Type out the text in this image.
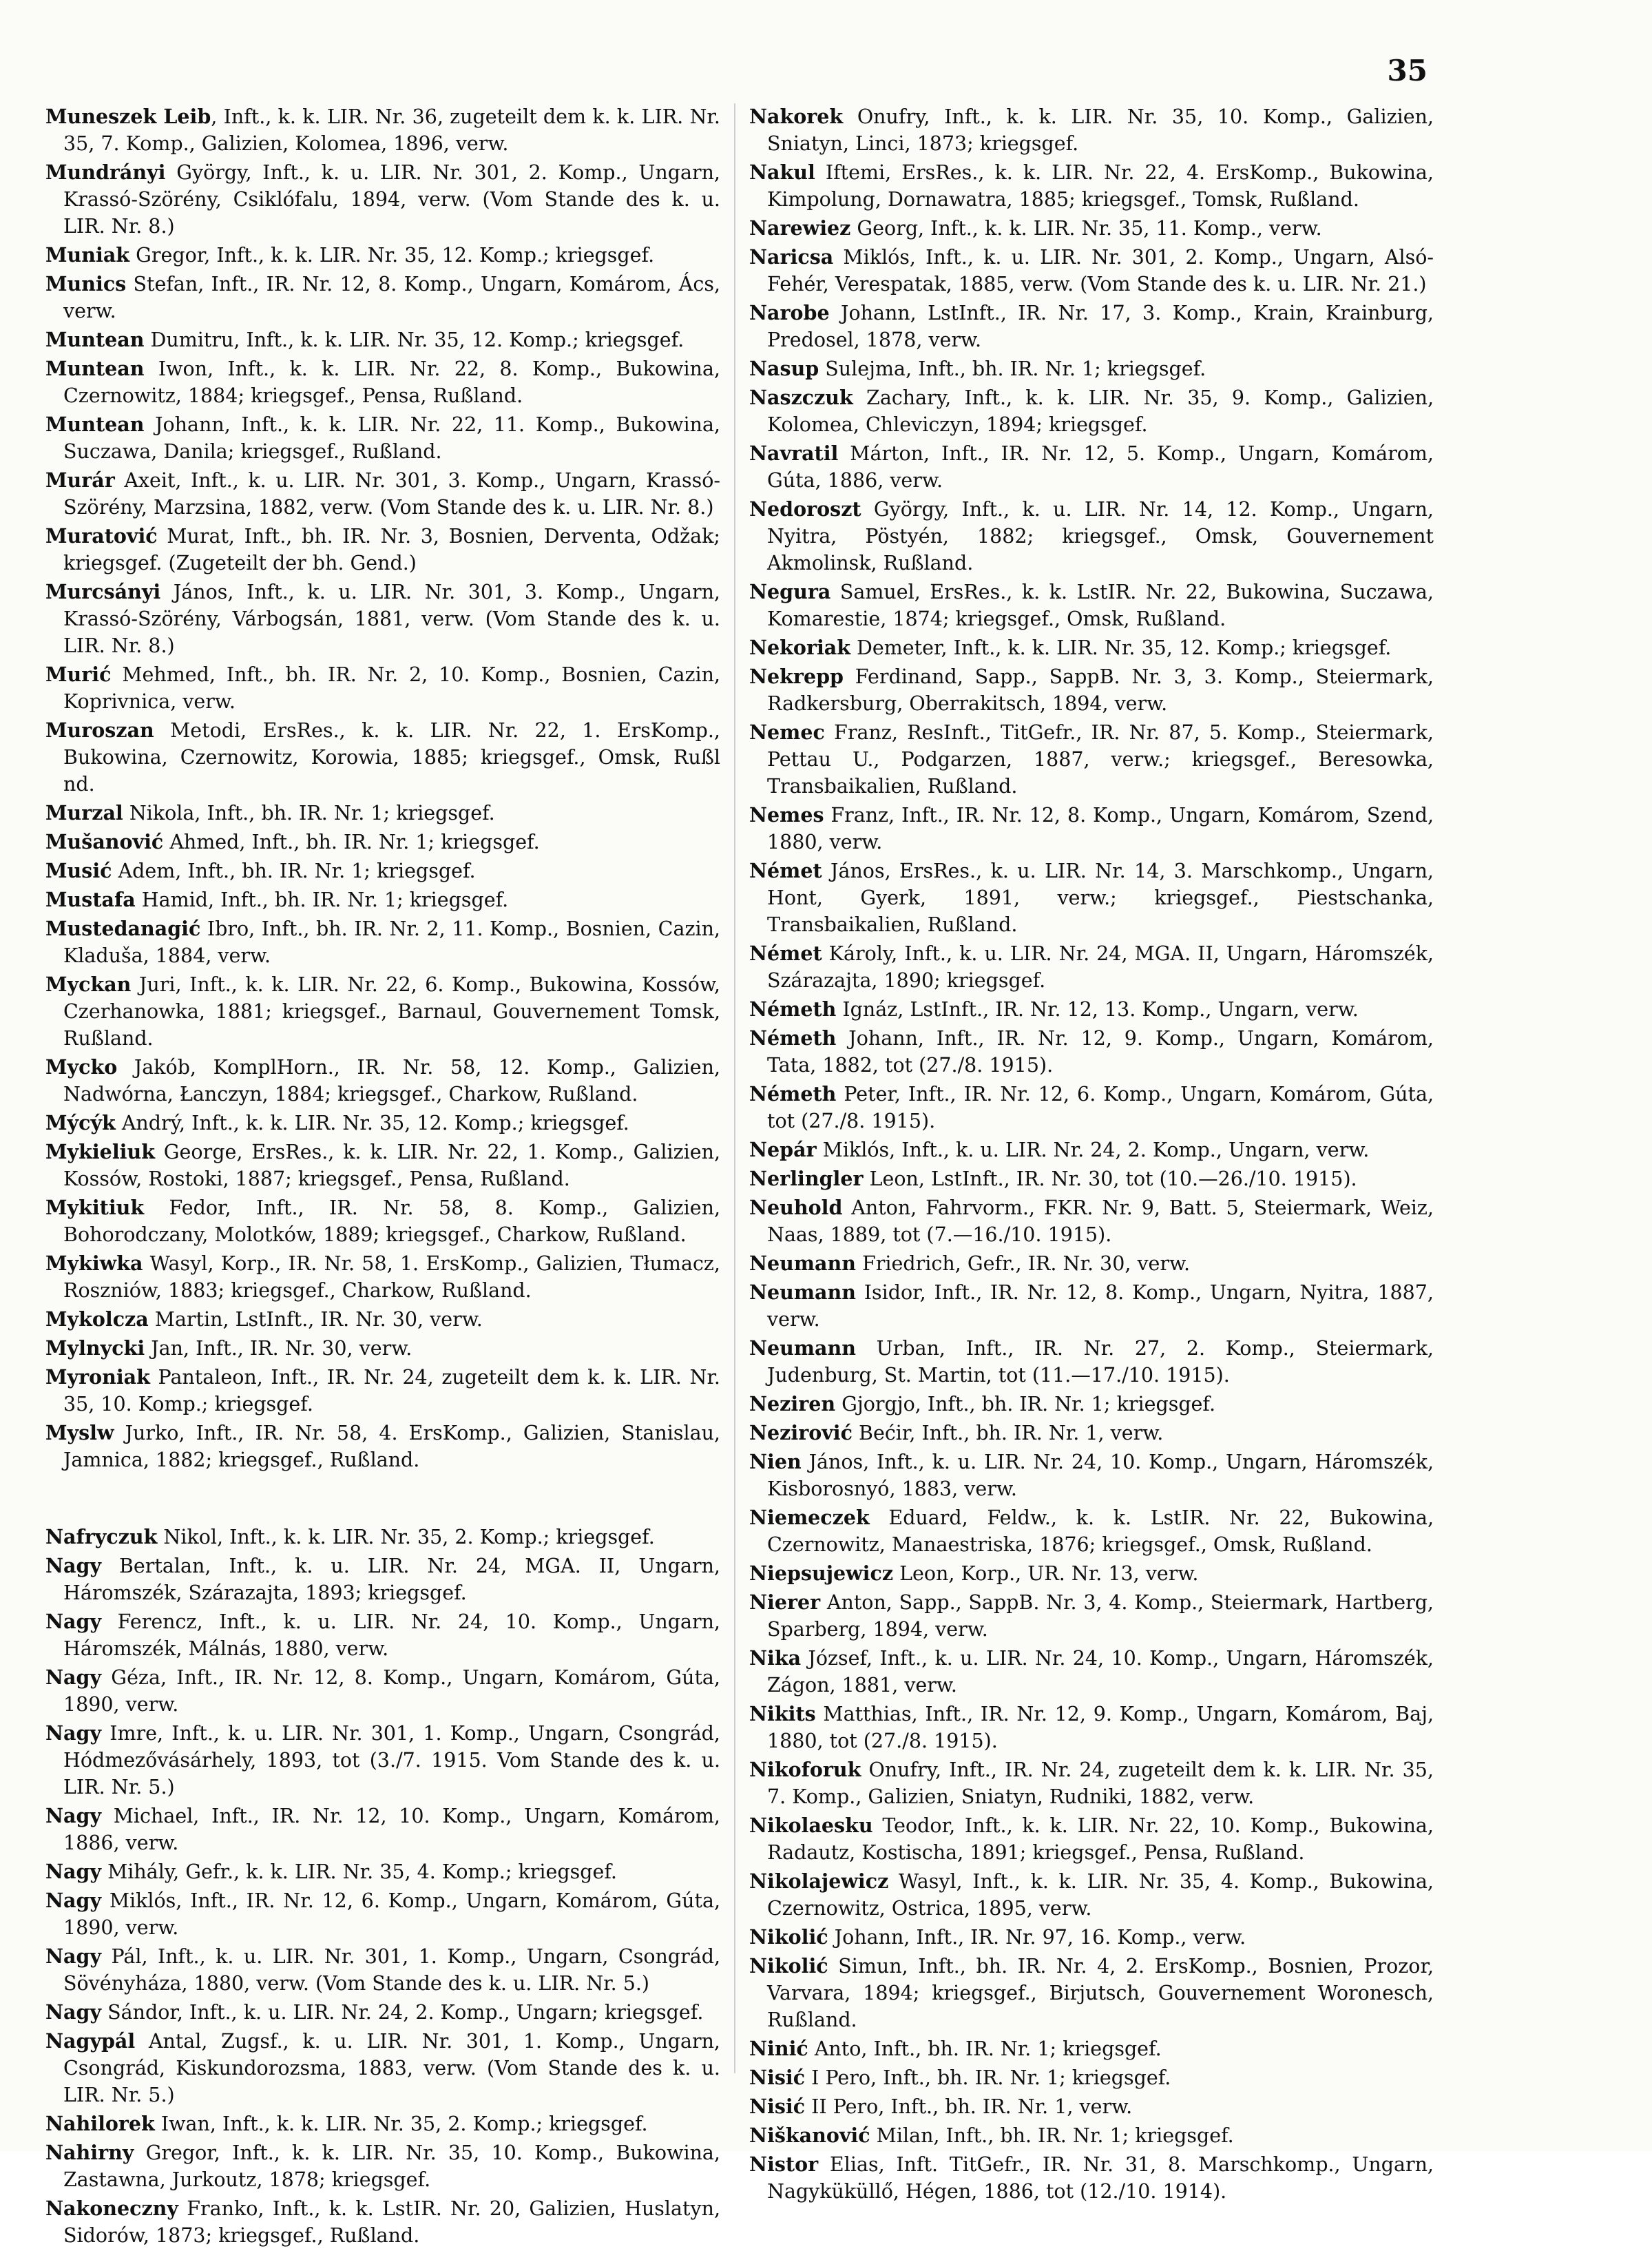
35

Muneszek Leib, Inft., k. k. LIR. Nr. 36, zugeteilt dem k. k. LIR. Nr. 35, 7. Komp., Galizien, Kolomea, 1896, verw.

Mundrányi György, Inft., k. u. LIR. Nr. 301, 2. Komp., Ungarn, Krassó-Szörény, Csiklófalu, 1894, verw. (Vom Stande des k. u. LIR. Nr. 8.)

Muniak Gregor, Inft., k. k. LIR. Nr. 35, 12. Komp.; kriegsgef.

Munics Stefan, Inft., IR. Nr. 12, 8. Komp., Ungarn, Komárom, Ács, verw.

Muntean Dumitru, Inft., k. k. LIR. Nr. 35, 12. Komp.; kriegsgef.

Muntean Iwon, Inft., k. k. LIR. Nr. 22, 8. Komp., Bukowina, Czernowitz, 1884; kriegsgef., Pensa, Rußland.

Muntean Johann, Inft., k. k. LIR. Nr. 22, 11. Komp., Bukowina, Suczawa, Danila; kriegsgef., Rußland.

Murár Axeit, Inft., k. u. LIR. Nr. 301, 3. Komp., Ungarn, Krassó-Szörény, Marzsina, 1882, verw. (Vom Stande des k. u. LIR. Nr. 8.)

Muratović Murat, Inft., bh. IR. Nr. 3, Bosnien, Derventa, Odžak; kriegsgef. (Zugeteilt der bh. Gend.)

Murcsányi János, Inft., k. u. LIR. Nr. 301, 3. Komp., Ungarn, Krassó-Szörény, Várbogsán, 1881, verw. (Vom Stande des k. u. LIR. Nr. 8.)

Murić Mehmed, Inft., bh. IR. Nr. 2, 10. Komp., Bosnien, Cazin, Koprivnica, verw.

Muroszan Metodi, ErsRes., k. k. LIR. Nr. 22, 1. ErsKomp., Bukowina, Czernowitz, Korowia, 1885; kriegsgef., Omsk, Rußl nd.

Murzal Nikola, Inft., bh. IR. Nr. 1; kriegsgef.

Mušanović Ahmed, Inft., bh. IR. Nr. 1; kriegsgef.

Musić Adem, Inft., bh. IR. Nr. 1; kriegsgef.

Mustafa Hamid, Inft., bh. IR. Nr. 1; kriegsgef.

Mustedanagić Ibro, Inft., bh. IR. Nr. 2, 11. Komp., Bosnien, Cazin, Kladuša, 1884, verw.

Myckan Juri, Inft., k. k. LIR. Nr. 22, 6. Komp., Bukowina, Kossów, Czerhanowka, 1881; kriegsgef., Barnaul, Gouvernement Tomsk, Rußland.

Mycko Jakób, KomplHorn., IR. Nr. 58, 12. Komp., Galizien, Nadwórna, Łanczyn, 1884; kriegsgef., Charkow, Rußland.

Mýcýk Andrý, Inft., k. k. LIR. Nr. 35, 12. Komp.; kriegsgef.

Mykieliuk George, ErsRes., k. k. LIR. Nr. 22, 1. Komp., Galizien, Kossów, Rostoki, 1887; kriegsgef., Pensa, Rußland.

Mykitiuk Fedor, Inft., IR. Nr. 58, 8. Komp., Galizien, Bohorodczany, Molotków, 1889; kriegsgef., Charkow, Rußland.

Mykiwka Wasyl, Korp., IR. Nr. 58, 1. ErsKomp., Galizien, Tłumacz, Roszniów, 1883; kriegsgef., Charkow, Rußland.

Mykolcza Martin, LstInft., IR. Nr. 30, verw.

Mylnycki Jan, Inft., IR. Nr. 30, verw.

Myroniak Pantaleon, Inft., IR. Nr. 24, zugeteilt dem k. k. LIR. Nr. 35, 10. Komp.; kriegsgef.

Myslw Jurko, Inft., IR. Nr. 58, 4. ErsKomp., Galizien, Stanislau, Jamnica, 1882; kriegsgef., Rußland.

Nafryczuk Nikol, Inft., k. k. LIR. Nr. 35, 2. Komp.; kriegsgef.

Nagy Bertalan, Inft., k. u. LIR. Nr. 24, MGA. II, Ungarn, Háromszék, Szárazajta, 1893; kriegsgef.

Nagy Ferencz, Inft., k. u. LIR. Nr. 24, 10. Komp., Ungarn, Háromszék, Málnás, 1880, verw.

Nagy Géza, Inft., IR. Nr. 12, 8. Komp., Ungarn, Komárom, Gúta, 1890, verw.

Nagy Imre, Inft., k. u. LIR. Nr. 301, 1. Komp., Ungarn, Csongrád, Hódmezővásárhely, 1893, tot (3./7. 1915. Vom Stande des k. u. LIR. Nr. 5.)

Nagy Michael, Inft., IR. Nr. 12, 10. Komp., Ungarn, Komárom, 1886, verw.

Nagy Mihály, Gefr., k. k. LIR. Nr. 35, 4. Komp.; kriegsgef.

Nagy Miklós, Inft., IR. Nr. 12, 6. Komp., Ungarn, Komárom, Gúta, 1890, verw.

Nagy Pál, Inft., k. u. LIR. Nr. 301, 1. Komp., Ungarn, Csongrád, Sövényháza, 1880, verw. (Vom Stande des k. u. LIR. Nr. 5.)

Nagy Sándor, Inft., k. u. LIR. Nr. 24, 2. Komp., Ungarn; kriegsgef.

Nagypál Antal, Zugsf., k. u. LIR. Nr. 301, 1. Komp., Ungarn, Csongrád, Kiskundorozsma, 1883, verw. (Vom Stande des k. u. LIR. Nr. 5.)

Nahilorek Iwan, Inft., k. k. LIR. Nr. 35, 2. Komp.; kriegsgef.

Nahirny Gregor, Inft., k. k. LIR. Nr. 35, 10. Komp., Bukowina, Zastawna, Jurkoutz, 1878; kriegsgef.

Nakoneczny Franko, Inft., k. k. LstIR. Nr. 20, Galizien, Huslatyn, Sidorów, 1873; kriegsgef., Rußland.

Nakorek Onufry, Inft., k. k. LIR. Nr. 35, 10. Komp., Galizien, Sniatyn, Linci, 1873; kriegsgef.

Nakul Iftemi, ErsRes., k. k. LIR. Nr. 22, 4. ErsKomp., Bukowina, Kimpolung, Dornawatra, 1885; kriegsgef., Tomsk, Rußland.

Narewiez Georg, Inft., k. k. LIR. Nr. 35, 11. Komp., verw.

Naricsa Miklós, Inft., k. u. LIR. Nr. 301, 2. Komp., Ungarn, Alsó-Fehér, Verespatak, 1885, verw. (Vom Stande des k. u. LIR. Nr. 21.)

Narobe Johann, LstInft., IR. Nr. 17, 3. Komp., Krain, Krainburg, Predosel, 1878, verw.

Nasup Sulejma, Inft., bh. IR. Nr. 1; kriegsgef.

Naszczuk Zachary, Inft., k. k. LIR. Nr. 35, 9. Komp., Galizien, Kolomea, Chleviczyn, 1894; kriegsgef.

Navratil Márton, Inft., IR. Nr. 12, 5. Komp., Ungarn, Komárom, Gúta, 1886, verw.

Nedoroszt György, Inft., k. u. LIR. Nr. 14, 12. Komp., Ungarn, Nyitra, Pöstyén, 1882; kriegsgef., Omsk, Gouvernement Akmolinsk, Rußland.

Negura Samuel, ErsRes., k. k. LstIR. Nr. 22, Bukowina, Suczawa, Komarestie, 1874; kriegsgef., Omsk, Rußland.

Nekoriak Demeter, Inft., k. k. LIR. Nr. 35, 12. Komp.; kriegsgef.

Nekrepp Ferdinand, Sapp., SappB. Nr. 3, 3. Komp., Steiermark, Radkersburg, Oberrakitsch, 1894, verw.

Nemec Franz, ResInft., TitGefr., IR. Nr. 87, 5. Komp., Steiermark, Pettau U., Podgarzen, 1887, verw.; kriegsgef., Beresowka, Transbaikalien, Rußland.

Nemes Franz, Inft., IR. Nr. 12, 8. Komp., Ungarn, Komárom, Szend, 1880, verw.

Német János, ErsRes., k. u. LIR. Nr. 14, 3. Marschkomp., Ungarn, Hont, Gyerk, 1891, verw.; kriegsgef., Piestschanka, Transbaikalien, Rußland.

Német Károly, Inft., k. u. LIR. Nr. 24, MGA. II, Ungarn, Háromszék, Szárazajta, 1890; kriegsgef.

Németh Ignáz, LstInft., IR. Nr. 12, 13. Komp., Ungarn, verw.

Németh Johann, Inft., IR. Nr. 12, 9. Komp., Ungarn, Komárom, Tata, 1882, tot (27./8. 1915).

Németh Peter, Inft., IR. Nr. 12, 6. Komp., Ungarn, Komárom, Gúta, tot (27./8. 1915).

Nepár Miklós, Inft., k. u. LIR. Nr. 24, 2. Komp., Ungarn, verw.

Nerlingler Leon, LstInft., IR. Nr. 30, tot (10.—26./10. 1915).

Neuhold Anton, Fahrvorm., FKR. Nr. 9, Batt. 5, Steiermark, Weiz, Naas, 1889, tot (7.—16./10. 1915).

Neumann Friedrich, Gefr., IR. Nr. 30, verw.

Neumann Isidor, Inft., IR. Nr. 12, 8. Komp., Ungarn, Nyitra, 1887, verw.

Neumann Urban, Inft., IR. Nr. 27, 2. Komp., Steiermark, Judenburg, St. Martin, tot (11.—17./10. 1915).

Neziren Gjorgjo, Inft., bh. IR. Nr. 1; kriegsgef.

Nezirović Bećir, Inft., bh. IR. Nr. 1, verw.

Nien János, Inft., k. u. LIR. Nr. 24, 10. Komp., Ungarn, Háromszék, Kisborosnyó, 1883, verw.

Niemeczek Eduard, Feldw., k. k. LstIR. Nr. 22, Bukowina, Czernowitz, Manaestriska, 1876; kriegsgef., Omsk, Rußland.

Niepsujewicz Leon, Korp., UR. Nr. 13, verw.

Nierer Anton, Sapp., SappB. Nr. 3, 4. Komp., Steiermark, Hartberg, Sparberg, 1894, verw.

Nika József, Inft., k. u. LIR. Nr. 24, 10. Komp., Ungarn, Háromszék, Zágon, 1881, verw.

Nikits Matthias, Inft., IR. Nr. 12, 9. Komp., Ungarn, Komárom, Baj, 1880, tot (27./8. 1915).

Nikoforuk Onufry, Inft., IR. Nr. 24, zugeteilt dem k. k. LIR. Nr. 35, 7. Komp., Galizien, Sniatyn, Rudniki, 1882, verw.

Nikolaesku Teodor, Inft., k. k. LIR. Nr. 22, 10. Komp., Bukowina, Radautz, Kostischa, 1891; kriegsgef., Pensa, Rußland.

Nikolajewicz Wasyl, Inft., k. k. LIR. Nr. 35, 4. Komp., Bukowina, Czernowitz, Ostrica, 1895, verw.

Nikolić Johann, Inft., IR. Nr. 97, 16. Komp., verw.

Nikolić Simun, Inft., bh. IR. Nr. 4, 2. ErsKomp., Bosnien, Prozor, Varvara, 1894; kriegsgef., Birjutsch, Gouvernement Woronesch, Rußland.

Ninić Anto, Inft., bh. IR. Nr. 1; kriegsgef.

Nisić I Pero, Inft., bh. IR. Nr. 1; kriegsgef.

Nisić II Pero, Inft., bh. IR. Nr. 1, verw.

Niškanović Milan, Inft., bh. IR. Nr. 1; kriegsgef.

Nistor Elias, Inft. TitGefr., IR. Nr. 31, 8. Marschkomp., Ungarn, Nagyküküllő, Hégen, 1886, tot (12./10. 1914).
